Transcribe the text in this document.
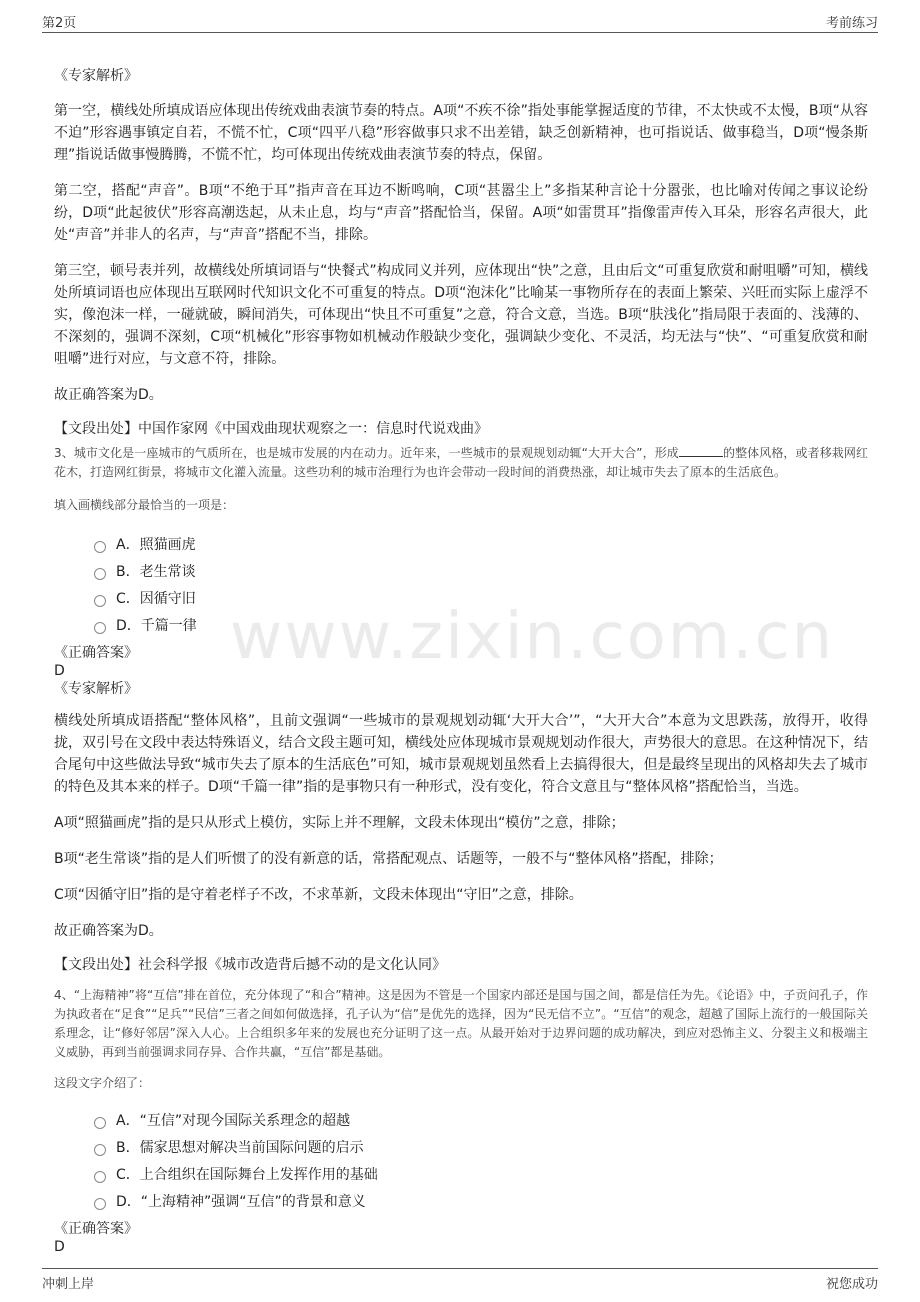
第2页	考前练习
www.zixin.com.cn

《专家解析》

第一空，横线处所填成语应体现出传统戏曲表演节奏的特点。A项“不疾不徐”指处事能掌握适度的节律，不太快或不太慢，B项“从容不迫”形容遇事镇定自若，不慌不忙，C项“四平八稳”形容做事只求不出差错，缺乏创新精神，也可指说话、做事稳当，D项“慢条斯理”指说话做事慢腾腾，不慌不忙，均可体现出传统戏曲表演节奏的特点，保留。

第二空，搭配“声音”。B项“不绝于耳”指声音在耳边不断鸣响，C项“甚嚣尘上”多指某种言论十分嚣张，也比喻对传闻之事议论纷纷，D项“此起彼伏”形容高潮迭起，从未止息，均与“声音”搭配恰当，保留。A项“如雷贯耳”指像雷声传入耳朵，形容名声很大，此处“声音”并非人的名声，与“声音”搭配不当，排除。

第三空，顿号表并列，故横线处所填词语与“快餐式”构成同义并列，应体现出“快”之意，且由后文“可重复欣赏和耐咀嚼”可知，横线处所填词语也应体现出互联网时代知识文化不可重复的特点。D项“泡沫化”比喻某一事物所存在的表面上繁荣、兴旺而实际上虚浮不实，像泡沫一样，一碰就破，瞬间消失，可体现出“快且不可重复”之意，符合文意，当选。B项“肤浅化”指局限于表面的、浅薄的、不深刻的，强调不深刻，C项“机械化”形容事物如机械动作般缺少变化，强调缺少变化、不灵活，均无法与“快”、“可重复欣赏和耐咀嚼”进行对应，与文意不符，排除。

故正确答案为D。

【文段出处】中国作家网《中国戏曲现状观察之一：信息时代说戏曲》

3、城市文化是一座城市的气质所在，也是城市发展的内在动力。近年来，一些城市的景观规划动辄“大开大合”，形成	的整体风格，或者移栽网红花木，打造网红街景，将城市文化灌入流量。这些功利的城市治理行为也许会带动一段时间的消费热涨，却让城市失去了原本的生活底色。

填入画横线部分最恰当的一项是：

A．照猫画虎
B．老生常谈
C．因循守旧
D．千篇一律

《正确答案》

D

《专家解析》

横线处所填成语搭配“整体风格”，且前文强调“一些城市的景观规划动辄‘大开大合’”，“大开大合”本意为文思跌荡，放得开，收得拢，双引号在文段中表达特殊语义，结合文段主题可知，横线处应体现城市景观规划动作很大，声势很大的意思。在这种情况下，结合尾句中这些做法导致“城市失去了原本的生活底色”可知，城市景观规划虽然看上去搞得很大，但是最终呈现出的风格却失去了城市的特色及其本来的样子。D项“千篇一律”指的是事物只有一种形式，没有变化，符合文意且与“整体风格”搭配恰当，当选。

A项“照猫画虎”指的是只从形式上模仿，实际上并不理解，文段未体现出“模仿”之意，排除；

B项“老生常谈”指的是人们听惯了的没有新意的话，常搭配观点、话题等，一般不与“整体风格”搭配，排除；

C项“因循守旧”指的是守着老样子不改，不求革新，文段未体现出“守旧”之意，排除。

故正确答案为D。

【文段出处】社会科学报《城市改造背后撼不动的是文化认同》

4、“上海精神”将“互信”排在首位，充分体现了“和合”精神。这是因为不管是一个国家内部还是国与国之间，都是信任为先。《论语》中，子贡问孔子，作为执政者在“足食”“足兵”“民信”三者之间如何做选择，孔子认为“信”是优先的选择，因为“民无信不立”。“互信”的观念，超越了国际上流行的一般国际关系理念，让“修好邻居”深入人心。上合组织多年来的发展也充分证明了这一点。从最开始对于边界问题的成功解决，到应对恐怖主义、分裂主义和极端主义威胁，再到当前强调求同存异、合作共赢，“互信”都是基础。

这段文字介绍了：

A．“互信”对现今国际关系理念的超越
B．儒家思想对解决当前国际问题的启示
C．上合组织在国际舞台上发挥作用的基础
D．“上海精神”强调“互信”的背景和意义

《正确答案》

D

冲刺上岸	祝您成功
